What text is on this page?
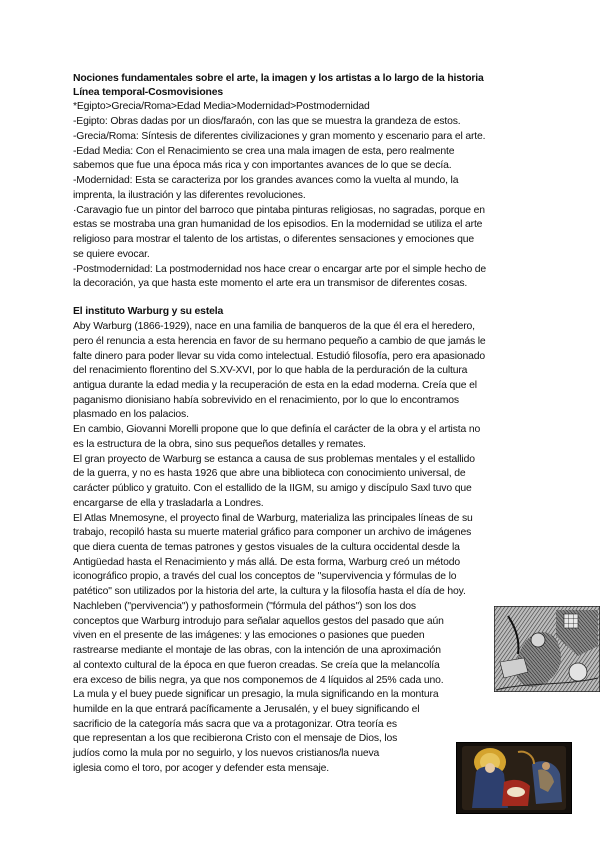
Nociones fundamentales sobre el arte, la imagen y los artistas a lo largo de la historia
Línea temporal-Cosmovisiones
*Egipto>Grecia/Roma>Edad Media>Modernidad>Postmodernidad
-Egipto: Obras dadas por un dios/faraón, con las que se muestra la grandeza de estos.
-Grecia/Roma: Síntesis de diferentes civilizaciones y gran momento y escenario para el arte.
-Edad Media: Con el Renacimiento se crea una mala imagen de esta, pero realmente
sabemos que fue una época más rica y con importantes avances de lo que se decía.
-Modernidad: Esta se caracteriza por los grandes avances como la vuelta al mundo, la
imprenta, la ilustración y las diferentes revoluciones.
·Caravagio fue un pintor del barroco que pintaba pinturas religiosas, no sagradas, porque en
estas se mostraba una gran humanidad de los episodios. En la modernidad se utiliza el arte
religioso para mostrar el talento de los artistas, o diferentes sensaciones y emociones que
se quiere evocar.
-Postmodernidad: La postmodernidad nos hace crear o encargar arte por el simple hecho de
la decoración, ya que hasta este momento el arte era un transmisor de diferentes cosas.
El instituto Warburg y su estela
Aby Warburg (1866-1929), nace en una familia de banqueros de la que él era el heredero,
pero él renuncia a esta herencia en favor de su hermano pequeño a cambio de que jamás le
falte dinero para poder llevar su vida como intelectual. Estudió filosofía, pero era apasionado
del renacimiento florentino del S.XV-XVI, por lo que habla de la perduración de la cultura
antigua durante la edad media y la recuperación de esta en la edad moderna. Creía que el
paganismo dionisiano había sobrevivido en el renacimiento, por lo que lo encontramos
plasmado en los palacios.
En cambio, Giovanni Morelli propone que lo que definía el carácter de la obra y el artista no
es la estructura de la obra, sino sus pequeños detalles y remates.
El gran proyecto de Warburg se estanca a causa de sus problemas mentales y el estallido
de la guerra, y no es hasta 1926 que abre una biblioteca con conocimiento universal, de
carácter público y gratuito. Con el estallido de la IIGM, su amigo y discípulo Saxl tuvo que
encargarse de ella y trasladarla a Londres.
El Atlas Mnemosyne, el proyecto final de Warburg, materializa las principales líneas de su
trabajo, recopiló hasta su muerte material gráfico para componer un archivo de imágenes
que diera cuenta de temas patrones y gestos visuales de la cultura occidental desde la
Antigüedad hasta el Renacimiento y más allá. De esta forma, Warburg creó un método
iconográfico propio, a través del cual los conceptos de "supervivencia y fórmulas de lo
patético" son utilizados por la historia del arte, la cultura y la filosofía hasta el día de hoy.
Nachleben ("pervivencia") y pathosformein ("fórmula del páthos") son los dos
conceptos que Warburg introdujo para señalar aquellos gestos del pasado que aún
viven en el presente de las imágenes: y las emociones o pasiones que pueden
rastrearse mediante el montaje de las obras, con la intención de una aproximación
al contexto cultural de la época en que fueron creadas. Se creía que la melancolía
era exceso de bilis negra, ya que nos componemos de 4 líquidos al 25% cada uno.
La mula y el buey puede significar un presagio, la mula significando en la montura
humilde en la que entrará pacíficamente a Jerusalén, y el buey significando el
sacrificio de la categoría más sacra que va a protagonizar. Otra teoría es
que representan a los que recibierona Cristo con el mensaje de Dios, los
judíos como la mula por no seguirlo, y los nuevos cristianos/la nueva
iglesia como el toro, por acoger y defender esta mensaje.
